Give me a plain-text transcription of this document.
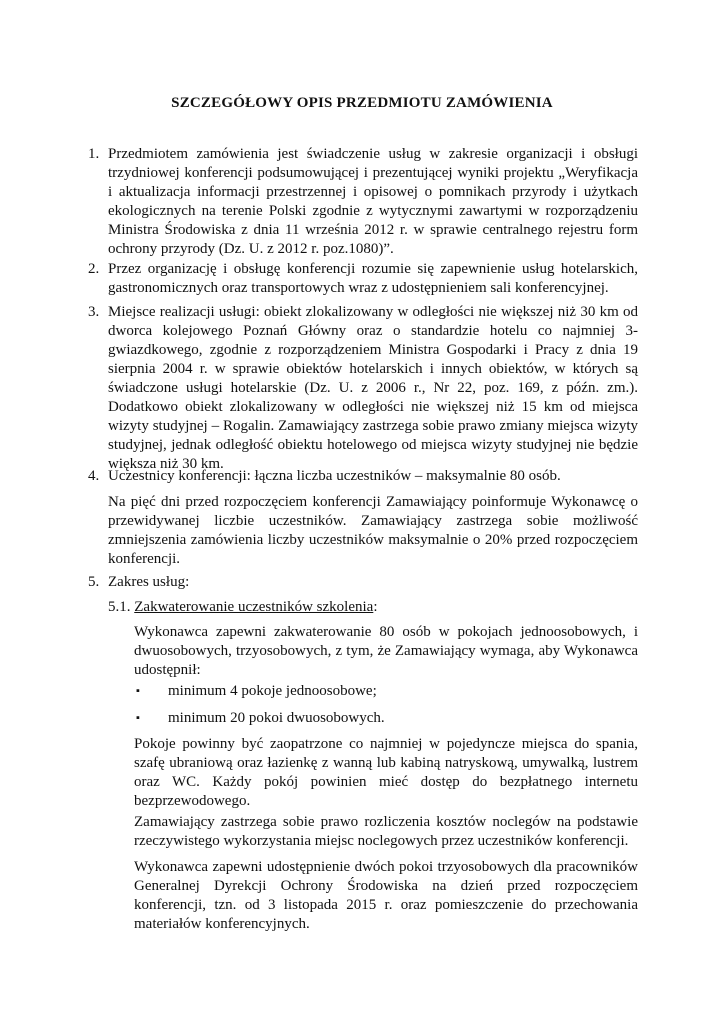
SZCZEGÓŁOWY OPIS PRZEDMIOTU ZAMÓWIENIA
1. Przedmiotem zamówienia jest świadczenie usług w zakresie organizacji i obsługi trzydniowej konferencji podsumowującej i prezentującej wyniki projektu „Weryfikacja i aktualizacja informacji przestrzennej i opisowej o pomnikach przyrody i użytkach ekologicznych na terenie Polski zgodnie z wytycznymi zawartymi w rozporządzeniu Ministra Środowiska z dnia 11 września 2012 r. w sprawie centralnego rejestru form ochrony przyrody (Dz. U. z 2012 r. poz.1080)”.
2. Przez organizację i obsługę konferencji rozumie się zapewnienie usług hotelarskich, gastronomicznych oraz transportowych wraz z udostępnieniem sali konferencyjnej.
3. Miejsce realizacji usługi: obiekt zlokalizowany w odległości nie większej niż 30 km od dworca kolejowego Poznań Główny oraz o standardzie hotelu co najmniej 3-gwiazdkowego, zgodnie z rozporządzeniem Ministra Gospodarki i Pracy z dnia 19 sierpnia 2004 r. w sprawie obiektów hotelarskich i innych obiektów, w których są świadczone usługi hotelarskie (Dz. U. z 2006 r., Nr 22, poz. 169, z późn. zm.). Dodatkowo obiekt zlokalizowany w odległości nie większej niż 15 km od miejsca wizyty studyjnej – Rogalin. Zamawiający zastrzega sobie prawo zmiany miejsca wizyty studyjnej, jednak odległość obiektu hotelowego od miejsca wizyty studyjnej nie będzie większa niż 30 km.
4. Uczestnicy konferencji: łączna liczba uczestników – maksymalnie 80 osób.
Na pięć dni przed rozpoczęciem konferencji Zamawiający poinformuje Wykonawcę o przewidywanej liczbie uczestników. Zamawiający zastrzega sobie możliwość zmniejszenia zamówienia liczby uczestników maksymalnie o 20% przed rozpoczęciem konferencji.
5. Zakres usług:
5.1. Zakwaterowanie uczestników szkolenia:
Wykonawca zapewni zakwaterowanie 80 osób w pokojach jednoosobowych, i dwuosobowych, trzyosobowych, z tym, że Zamawiający wymaga, aby Wykonawca udostępnił:
▪	minimum 4 pokoje jednoosobowe;
▪	minimum 20 pokoi dwuosobowych.
Pokoje powinny być zaopatrzone co najmniej w pojedyncze miejsca do spania, szafę ubraniową oraz łazienkę z wanną lub kabiną natryskową, umywalką, lustrem oraz WC. Każdy pokój powinien mieć dostęp do bezpłatnego internetu bezprzewodowego.
Zamawiający zastrzega sobie prawo rozliczenia kosztów noclegów na podstawie rzeczywistego wykorzystania miejsc noclegowych przez uczestników konferencji.
Wykonawca zapewni udostępnienie dwóch pokoi trzyosobowych dla pracowników Generalnej Dyrekcji Ochrony Środowiska na dzień przed rozpoczęciem konferencji, tzn. od 3 listopada 2015 r. oraz pomieszczenie do przechowania materiałów konferencyjnych.
